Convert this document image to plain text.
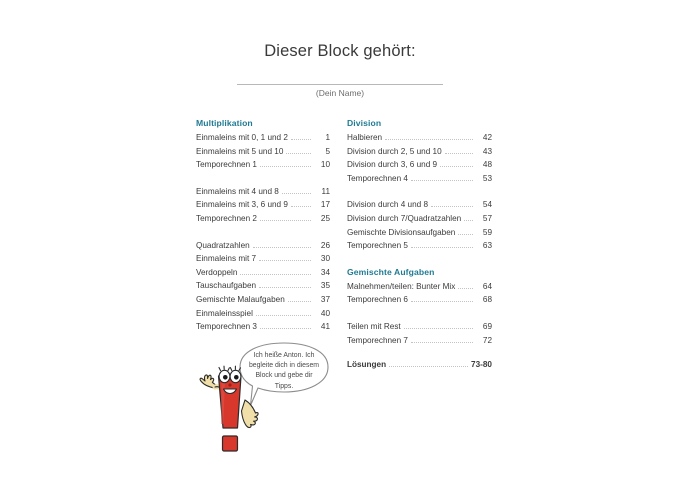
Dieser Block gehört:
(Dein Name)
Multiplikation
Einmaleins mit 0, 1 und 2	1
Einmaleins mit 5 und 10	5
Temporechnen 1	10
Einmaleins mit 4 und 8	11
Einmaleins mit 3, 6 und 9	17
Temporechnen 2	25
Quadratzahlen	26
Einmaleins mit 7	30
Verdoppeln	34
Tauschaufgaben	35
Gemischte Malaufgaben	37
Einmaleinsspiel	40
Temporechnen 3	41
Division
Halbieren	42
Division durch 2, 5 und 10	43
Division durch 3, 6 und 9	48
Temporechnen 4	53
Division durch 4 und 8	54
Division durch 7/Quadratzahlen	57
Gemischte Divisionsaufgaben	59
Temporechnen 5	63
Gemischte Aufgaben
Malnehmen/teilen: Bunter Mix	64
Temporechnen 6	68
Teilen mit Rest	69
Temporechnen 7	72
Lösungen	73-80
Ich heiße Anton. Ich begleite dich in diesem Block und gebe dir Tipps.
